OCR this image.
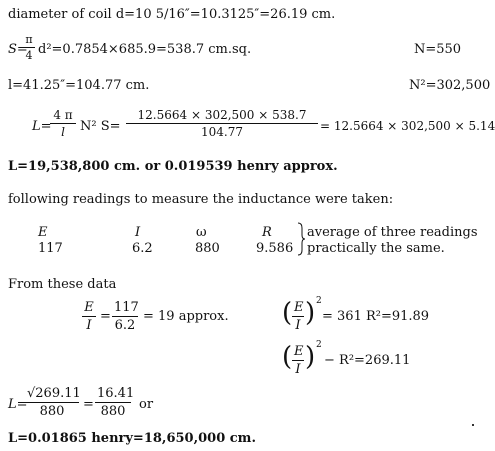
diameter of coil d=10 5/16″=10.3125″=26.19 cm.
S=
$\frac{\pi}{4} d^2=0.7854\times 685.9=538.7$ cm.sq.	N=550
l=41.25″=104.77 cm.	N²=302,500
L=
$\frac{4 \pi}{l} N^2$ $S= \frac{12.5664 \times 302,500 \times 538.7}{104.77} = 12.5664 \times 302,500 \times 5.14$
L=19,538,800 cm. or 0.019539 henry approx.
following readings to measure the inductance were taken:
E	I	ω	R
117	6.2	880	9.586
average of three readings
practically the same.
From these data
$\frac{E}{I} = \frac{117}{6.2} = 19$ approx. ( $\frac{E}{I}$ ) 2
= 361 R²=91.89
( $\frac{E}{I}$ ) 2
− R²=269.11
L=
$\frac{√269.11}{880} = \frac{16.41}{880}$ or
L=0.01865 henry=18,650,000 cm.
